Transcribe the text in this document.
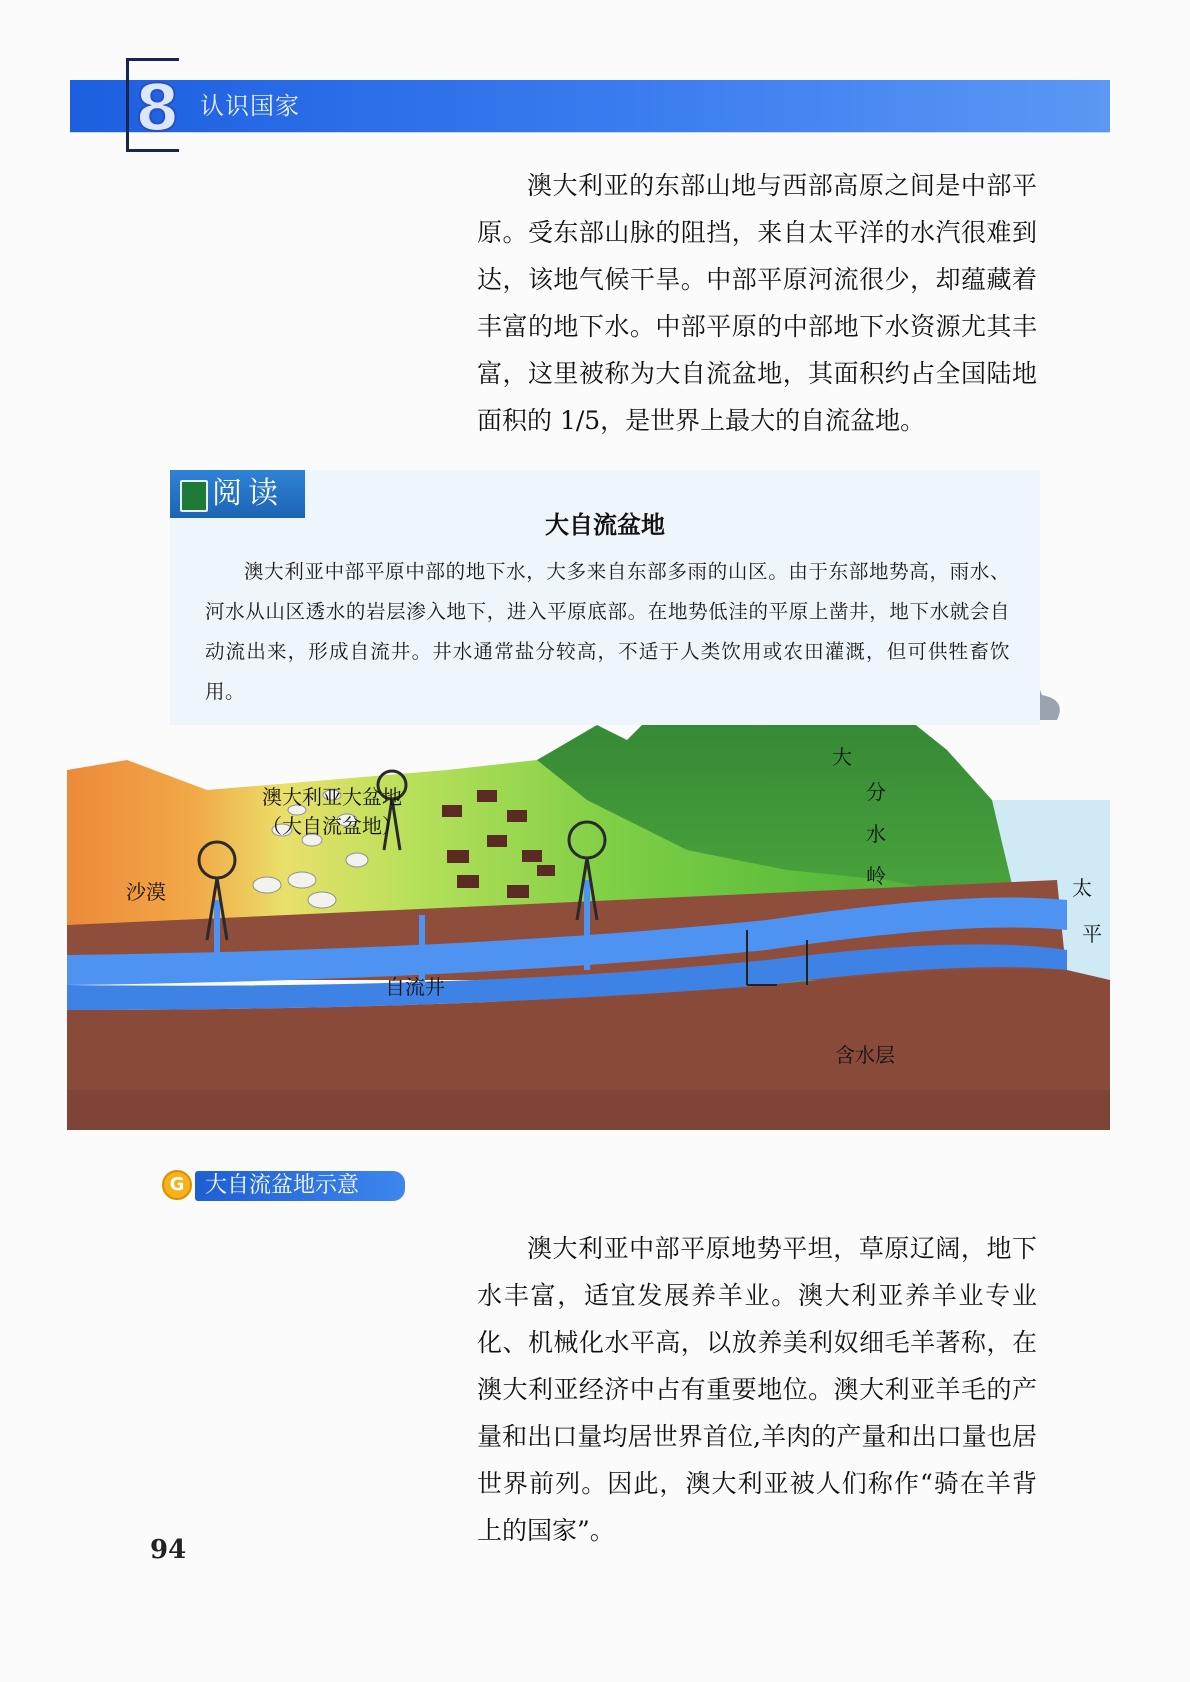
8 认识国家
澳大利亚的东部山地与西部高原之间是中部平原。受东部山脉的阻挡，来自太平洋的水汽很难到达，该地气候干旱。中部平原河流很少，却蕴藏着丰富的地下水。中部平原的中部地下水资源尤其丰富，这里被称为大自流盆地，其面积约占全国陆地面积的 1/5，是世界上最大的自流盆地。
澳大利亚大盆地
（大自流盆地）
沙漠
大
分
水
岭	太
平
自流井
含水层
阅读
大自流盆地
澳大利亚中部平原中部的地下水，大多来自东部多雨的山区。由于东部地势高，雨水、河水从山区透水的岩层渗入地下，进入平原底部。在地势低洼的平原上凿井，地下水就会自动流出来，形成自流井。井水通常盐分较高，不适于人类饮用或农田灌溉，但可供牲畜饮用。
G 大自流盆地示意
澳大利亚中部平原地势平坦，草原辽阔，地下水丰富，适宜发展养羊业。澳大利亚养羊业专业化、机械化水平高，以放养美利奴细毛羊著称，在澳大利亚经济中占有重要地位。澳大利亚羊毛的产量和出口量均居世界首位,羊肉的产量和出口量也居世界前列。因此，澳大利亚被人们称作“骑在羊背上的国家”。
94
